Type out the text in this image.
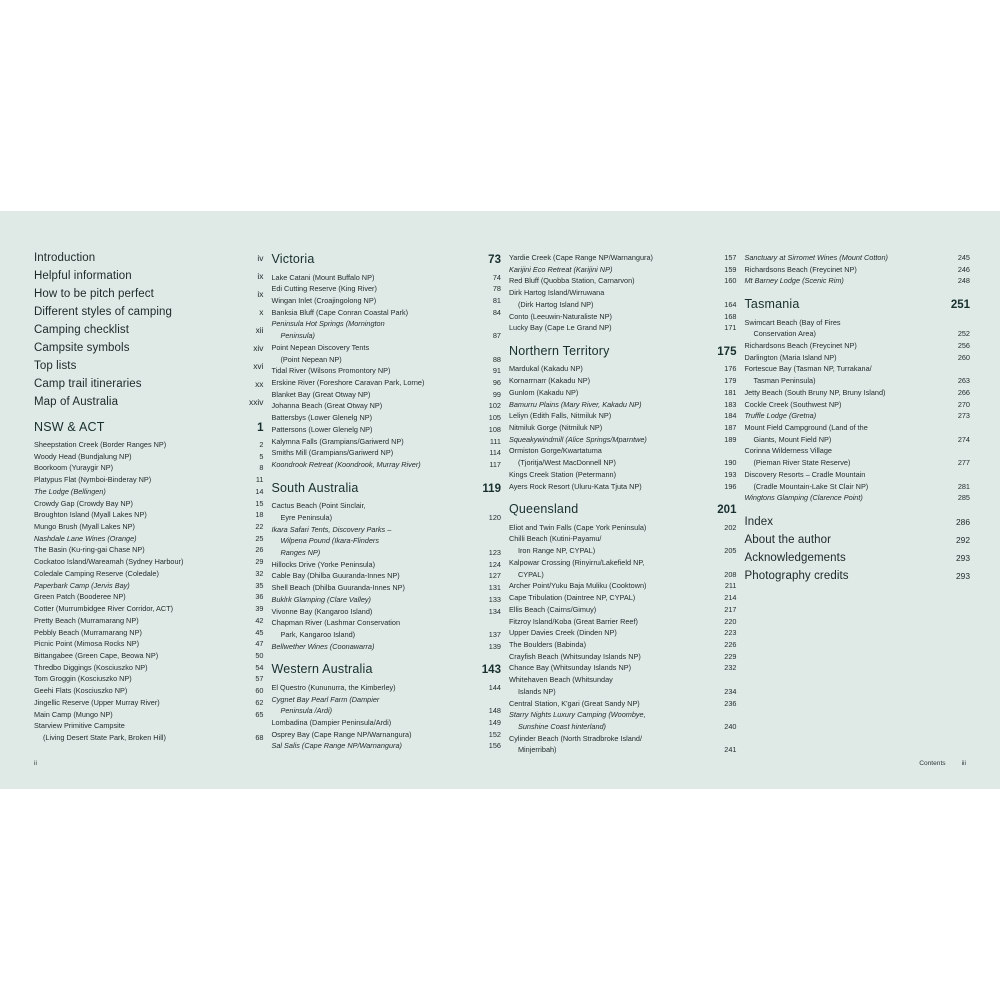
Introduction	iv
Helpful information	ix
How to be pitch perfect	ix
Different styles of camping	x
Camping checklist	xii
Campsite symbols	xiv
Top lists	xvi
Camp trail itineraries	xx
Map of Australia	xxiv
NSW & ACT	1
Sheepstation Creek (Border Ranges NP)	2
Woody Head (Bundjalung NP)	5
Boorkoom (Yuraygir NP)	8
Platypus Flat (Nymboi-Binderay NP)	11
The Lodge (Bellingen)	14
Crowdy Gap (Crowdy Bay NP)	15
Broughton Island (Myall Lakes NP)	18
Mungo Brush (Myall Lakes NP)	22
Nashdale Lane Wines (Orange)	25
The Basin (Ku-ring-gai Chase NP)	26
Cockatoo Island/Wareamah (Sydney Harbour)	29
Coledale Camping Reserve (Coledale)	32
Paperbark Camp (Jervis Bay)	35
Green Patch (Booderee NP)	36
Cotter (Murrumbidgee River Corridor, ACT)	39
Pretty Beach (Murramarang NP)	42
Pebbly Beach (Murramarang NP)	45
Picnic Point (Mimosa Rocks NP)	47
Bittangabee (Green Cape, Beowa NP)	50
Thredbo Diggings (Kosciuszko NP)	54
Tom Groggin (Kosciuszko NP)	57
Geehi Flats (Kosciuszko NP)	60
Jingellic Reserve (Upper Murray River)	62
Main Camp (Mungo NP)	65
Starview Primitive Campsite
(Living Desert State Park, Broken Hill)	68
Victoria	73
Lake Catani (Mount Buffalo NP)	74
Edi Cutting Reserve (King River)	78
Wingan Inlet (Croajingolong NP)	81
Banksia Bluff (Cape Conran Coastal Park)	84
Peninsula Hot Springs (Mornington
Peninsula)	87
Point Nepean Discovery Tents
(Point Nepean NP)	88
Tidal River (Wilsons Promontory NP)	91
Erskine River (Foreshore Caravan Park, Lorne)	96
Blanket Bay (Great Otway NP)	99
Johanna Beach (Great Otway NP)	102
Battersbys (Lower Glenelg NP)	105
Pattersons (Lower Glenelg NP)	108
Kalymna Falls (Grampians/Gariwerd NP)	111
Smiths Mill (Grampians/Gariwerd NP)	114
Koondrook Retreat (Koondrook, Murray River)	117
South Australia	119
Cactus Beach (Point Sinclair,
Eyre Peninsula)	120
Ikara Safari Tents, Discovery Parks –
Wilpena Pound (Ikara-Flinders
Ranges NP)	123
Hillocks Drive (Yorke Peninsula)	124
Cable Bay (Dhilba Guuranda-Innes NP)	127
Shell Beach (Dhilba Guuranda-Innes NP)	131
Buklrk Glamping (Clare Valley)	133
Vivonne Bay (Kangaroo Island)	134
Chapman River (Lashmar Conservation
Park, Kangaroo Island)	137
Bellwether Wines (Coonawarra)	139
Western Australia	143
El Questro (Kununurra, the Kimberley)	144
Cygnet Bay Pearl Farm (Dampier
Peninsula /Ardi)	148
Lombadina (Dampier Peninsula/Ardi)	149
Osprey Bay (Cape Range NP/Warnangura)	152
Sal Salis (Cape Range NP/Warnangura)	156
Yardie Creek (Cape Range NP/Warnangura)	157
Karijini Eco Retreat (Karijini NP)	159
Red Bluff (Quobba Station, Carnarvon)	160
Dirk Hartog Island/Wirruwana
(Dirk Hartog Island NP)	164
Conto (Leeuwin-Naturaliste NP)	168
Lucky Bay (Cape Le Grand NP)	171
Northern Territory	175
Mardukal (Kakadu NP)	176
Kornarrnarr (Kakadu NP)	179
Gunlom (Kakadu NP)	181
Bamurru Plains (Mary River, Kakadu NP)	183
Leliyn (Edith Falls, Nitmiluk NP)	184
Nitmiluk Gorge (Nitmiluk NP)	187
Squeakywindmill (Alice Springs/Mparntwe)	189
Ormiston Gorge/Kwartatuma
(Tjoritja/West MacDonnell NP)	190
Kings Creek Station (Petermann)	193
Ayers Rock Resort (Uluru-Kata Tjuta NP)	196
Queensland	201
Eliot and Twin Falls (Cape York Peninsula)	202
Chilli Beach (Kutini-Payamu/
Iron Range NP, CYPAL)	205
Kalpowar Crossing (Rinyirru/Lakefield NP,
CYPAL)	208
Archer Point/Yuku Baja Muliku (Cooktown)	211
Cape Tribulation (Daintree NP, CYPAL)	214
Ellis Beach (Cairns/Gimuy)	217
Fitzroy Island/Koba (Great Barrier Reef)	220
Upper Davies Creek (Dinden NP)	223
The Boulders (Babinda)	226
Crayfish Beach (Whitsunday Islands NP)	229
Chance Bay (Whitsunday Islands NP)	232
Whitehaven Beach (Whitsunday
Islands NP)	234
Central Station, K'gari (Great Sandy NP)	236
Starry Nights Luxury Camping (Woombye,
Sunshine Coast hinterland)	240
Cylinder Beach (North Stradbroke Island/
Minjerribah)	241
Sanctuary at Sirromet Wines (Mount Cotton)	245
Richardsons Beach (Freycinet NP)	246
Mt Barney Lodge (Scenic Rim)	248
Tasmania	251
Swimcart Beach (Bay of Fires
Conservation Area)	252
Richardsons Beach (Freycinet NP)	256
Darlington (Maria Island NP)	260
Fortescue Bay (Tasman NP, Turrakana/
Tasman Peninsula)	263
Jetty Beach (South Bruny NP, Bruny Island)	266
Cockle Creek (Southwest NP)	270
Truffle Lodge (Gretna)	273
Mount Field Campground (Land of the
Giants, Mount Field NP)	274
Corinna Wilderness Village
(Pieman River State Reserve)	277
Discovery Resorts – Cradle Mountain
(Cradle Mountain-Lake St Clair NP)	281
Wingtons Glamping (Clarence Point)	285
Index	286
About the author	292
Acknowledgements	293
Photography credits	293
ii	Contents iii
